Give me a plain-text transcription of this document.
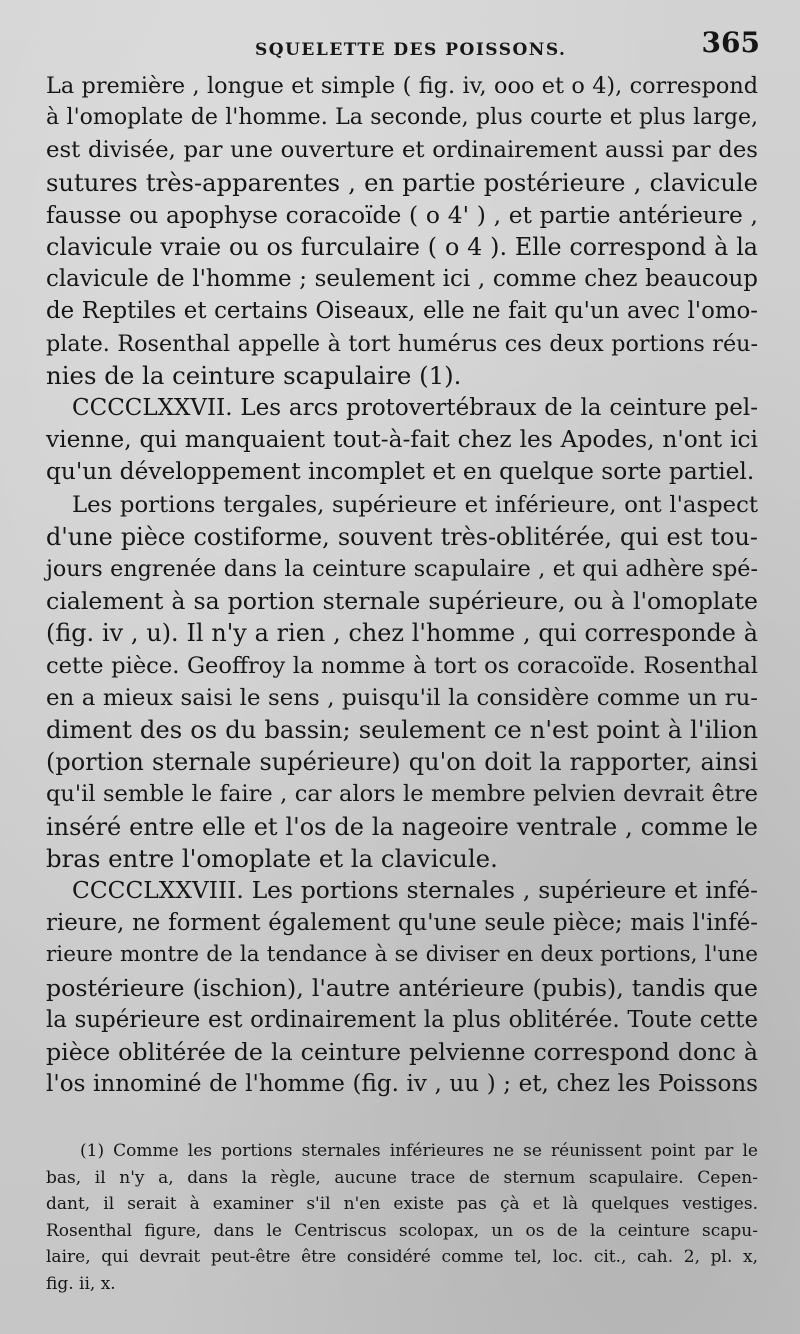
SQUELETTE DES POISSONS.	365
La première , longue et simple ( fig. iv, ooo et o 4), correspond
à l'omoplate de l'homme. La seconde, plus courte et plus large,
est divisée, par une ouverture et ordinairement aussi par des
sutures très-apparentes , en partie postérieure , clavicule
fausse ou apophyse coracoïde ( o 4' ) , et partie antérieure ,
clavicule vraie ou os furculaire ( o 4 ). Elle correspond à la
clavicule de l'homme ; seulement ici , comme chez beaucoup
de Reptiles et certains Oiseaux, elle ne fait qu'un avec l'omo-
plate. Rosenthal appelle à tort humérus ces deux portions réu-
nies de la ceinture scapulaire (1).
CCCCLXXVII. Les arcs protovertébraux de la ceinture pel-
vienne, qui manquaient tout-à-fait chez les Apodes, n'ont ici
qu'un développement incomplet et en quelque sorte partiel.
Les portions tergales, supérieure et inférieure, ont l'aspect
d'une pièce costiforme, souvent très-oblitérée, qui est tou-
jours engrenée dans la ceinture scapulaire , et qui adhère spé-
cialement à sa portion sternale supérieure, ou à l'omoplate
(fig. iv , u). Il n'y a rien , chez l'homme , qui corresponde à
cette pièce. Geoffroy la nomme à tort os coracoïde. Rosenthal
en a mieux saisi le sens , puisqu'il la considère comme un ru-
diment des os du bassin; seulement ce n'est point à l'ilion
(portion sternale supérieure) qu'on doit la rapporter, ainsi
qu'il semble le faire , car alors le membre pelvien devrait être
inséré entre elle et l'os de la nageoire ventrale , comme le
bras entre l'omoplate et la clavicule.
CCCCLXXVIII. Les portions sternales , supérieure et infé-
rieure, ne forment également qu'une seule pièce; mais l'infé-
rieure montre de la tendance à se diviser en deux portions, l'une
postérieure (ischion), l'autre antérieure (pubis), tandis que
la supérieure est ordinairement la plus oblitérée. Toute cette
pièce oblitérée de la ceinture pelvienne correspond donc à
l'os innominé de l'homme (fig. iv , uu ) ; et, chez les Poissons
(1) Comme les portions sternales inférieures ne se réunissent point par le
bas, il n'y a, dans la règle, aucune trace de sternum scapulaire. Cepen-
dant, il serait à examiner s'il n'en existe pas çà et là quelques vestiges.
Rosenthal figure, dans le Centriscus scolopax, un os de la ceinture scapu-
laire, qui devrait peut-être être considéré comme tel, loc. cit., cah. 2, pl. x,
fig. ii, x.
